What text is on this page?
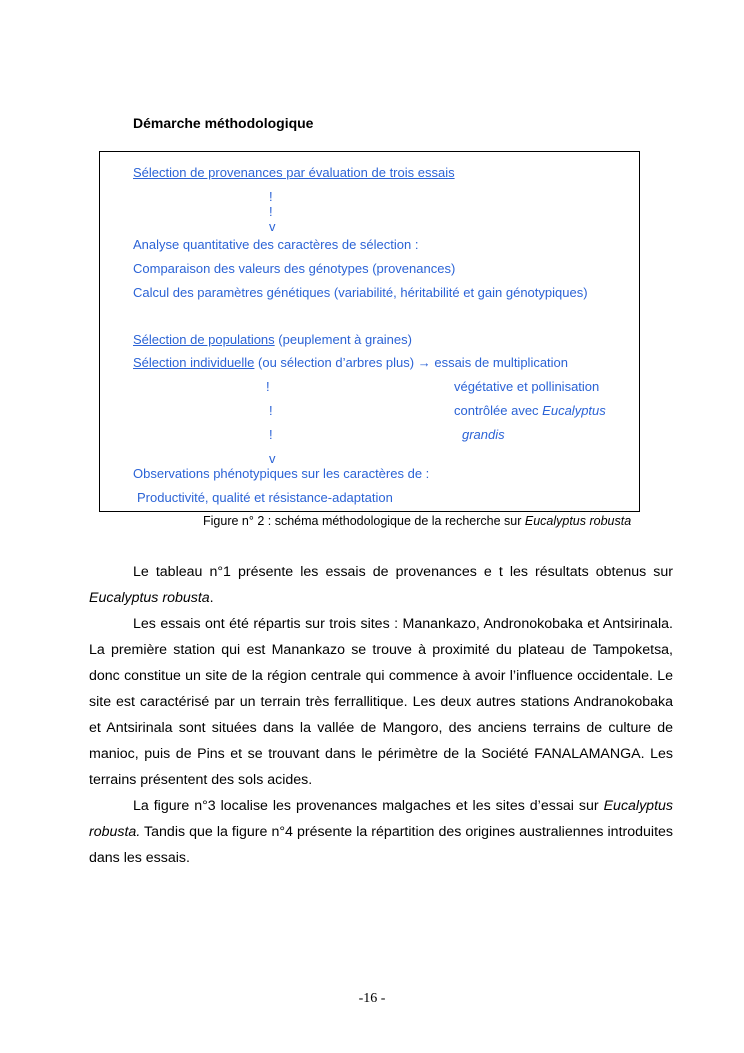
Démarche méthodologique
Sélection de provenances par évaluation de trois essais
!
!
v
Analyse quantitative des caractères de sélection :
Comparaison des valeurs des génotypes (provenances)
Calcul des paramètres génétiques (variabilité, héritabilité et gain génotypiques)
Sélection de populations (peuplement à graines)
Sélection individuelle (ou sélection d’arbres plus) → essais de multiplication
!
!
!
v
végétative et pollinisation
contrôlée avec Eucalyptus
grandis
Observations phénotypiques sur les caractères de :
Productivité, qualité et résistance-adaptation
Figure n° 2 : schéma méthodologique de la recherche sur Eucalyptus robusta

Le tableau n°1 présente les essais de provenances e t les résultats obtenus sur Eucalyptus robusta.

Les essais ont été répartis sur trois sites : Manankazo, Andronokobaka et Antsirinala. La première station qui est Manankazo se trouve à proximité du plateau de Tampoketsa, donc constitue un site de la région centrale qui commence à avoir l’influence occidentale. Le site est caractérisé par un terrain très ferrallitique. Les deux autres stations Andranokobaka et Antsirinala sont situées dans la vallée de Mangoro, des anciens terrains de culture de manioc, puis de Pins et se trouvant dans le périmètre de la Société FANALAMANGA. Les terrains présentent des sols acides.

La figure n°3 localise les provenances malgaches et les sites d’essai sur Eucalyptus robusta. Tandis que la figure n°4 présente la répartition des origines australiennes introduites dans les essais.

-16 -
